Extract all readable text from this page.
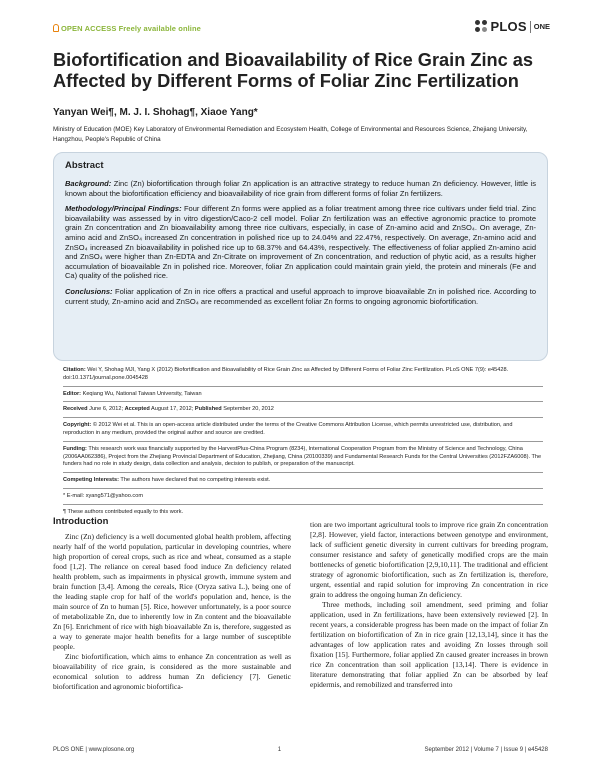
OPEN ACCESS Freely available online	PLOS ONE
Biofortification and Bioavailability of Rice Grain Zinc as Affected by Different Forms of Foliar Zinc Fertilization
Yanyan Wei¶, M. J. I. Shohag¶, Xiaoe Yang*
Ministry of Education (MOE) Key Laboratory of Environmental Remediation and Ecosystem Health, College of Environmental and Resources Science, Zhejiang University, Hangzhou, People's Republic of China
Abstract

Background: Zinc (Zn) biofortification through foliar Zn application is an attractive strategy to reduce human Zn deficiency. However, little is known about the biofortification efficiency and bioavailability of rice grain from different forms of foliar Zn fertilizers.

Methodology/Principal Findings: Four different Zn forms were applied as a foliar treatment among three rice cultivars under field trial. Zinc bioavailability was assessed by in vitro digestion/Caco-2 cell model. Foliar Zn fertilization was an effective agronomic practice to promote grain Zn concentration and Zn bioavailability among three rice cultivars, especially, in case of Zn-amino acid and ZnSO₄. On average, Zn-amino acid and ZnSO₄ increased Zn concentration in polished rice up to 24.04% and 22.47%, respectively. On average, Zn-amino acid and ZnSO₄ increased Zn bioavailability in polished rice up to 68.37% and 64.43%, respectively. The effectiveness of foliar applied Zn-amino acid and ZnSO₄ were higher than Zn-EDTA and Zn-Citrate on improvement of Zn concentration, and reduction of phytic acid, as a results higher accumulation of bioavailable Zn in polished rice. Moreover, foliar Zn application could maintain grain yield, the protein and minerals (Fe and Ca) quality of the polished rice.

Conclusions: Foliar application of Zn in rice offers a practical and useful approach to improve bioavailable Zn in polished rice. According to current study, Zn-amino acid and ZnSO₄ are recommended as excellent foliar Zn forms to ongoing agronomic biofortification.

Citation: Wei Y, Shohag MJI, Yang X (2012) Biofortification and Bioavailability of Rice Grain Zinc as Affected by Different Forms of Foliar Zinc Fertilization. PLoS ONE 7(9): e45428. doi:10.1371/journal.pone.0045428

Editor: Keqiang Wu, National Taiwan University, Taiwan

Received June 6, 2012; Accepted August 17, 2012; Published September 20, 2012

Copyright: © 2012 Wei et al. This is an open-access article distributed under the terms of the Creative Commons Attribution License, which permits unrestricted use, distribution, and reproduction in any medium, provided the original author and source are credited.

Funding: This research work was financially supported by the HarvestPlus-China Program (8234), International Cooperation Program from the Ministry of Science and Technology, China (2006AA062386), Project from the Zhejiang Provincial Department of Education, Zhejiang, China (20100339) and Fundamental Research Funds for the Central Universities (2012FZA6008). The funders had no role in study design, data collection and analysis, decision to publish, or preparation of the manuscript.

Competing Interests: The authors have declared that no competing interests exist.

* E-mail: xyang571@yahoo.com

¶ These authors contributed equally to this work.

Introduction

Zinc (Zn) deficiency is a well documented global health problem, affecting nearly half of the world population, particular in developing countries, where high proportion of cereal crops, such as rice and wheat, consumed as a staple food [1,2]. The reliance on cereal based food induce Zn deficiency related health problem, such as impairments in physical growth, immune system and brain function [3,4]. Among the cereals, Rice (Oryza sativa L.), being one of the leading staple crop for half of the world's population and, hence, is the main source of Zn to human [5]. Rice, however unfortunately, is a poor source of metabolizable Zn, due to inherently low in Zn content and the bioavailable Zn [6]. Enrichment of rice with high bioavailable Zn is, therefore, suggested as a way to generate major health benefits for a large number of susceptible people.

Zinc biofortification, which aims to enhance Zn concentration as well as bioavailability of rice grain, is considered as the more sustainable and economical solution to address human Zn deficiency [7]. Genetic biofortification and agronomic biofortifica-

tion are two important agricultural tools to improve rice grain Zn concentration [2,8]. However, yield factor, interactions between genotype and environment, lack of sufficient genetic diversity in current cultivars for breeding program, consumer resistance and safety of genetically modified crops are the main bottlenecks of genetic biofortification [2,9,10,11]. The traditional and efficient strategy of agronomic biofortification, such as Zn fertilization is, therefore, urgent, essential and rapid solution for improving Zn concentration in rice grain to address the ongoing human Zn deficiency.

Three methods, including soil amendment, seed priming and foliar application, used in Zn fertilizations, have been extensively reviewed [2]. In recent years, a considerable progress has been made on the impact of foliar Zn fertilization on biofortification of Zn in rice grain [12,13,14], since it has the advantages of low application rates and avoiding Zn losses through soil fixation [15]. Furthermore, foliar applied Zn caused greater increases in brown rice Zn concentration than soil application [13,14]. There is evidence in literature demonstrating that foliar applied Zn can be absorbed by leaf epidermis, and remobilized and transferred into

PLOS ONE | www.plosone.org	1	September 2012 | Volume 7 | Issue 9 | e45428
